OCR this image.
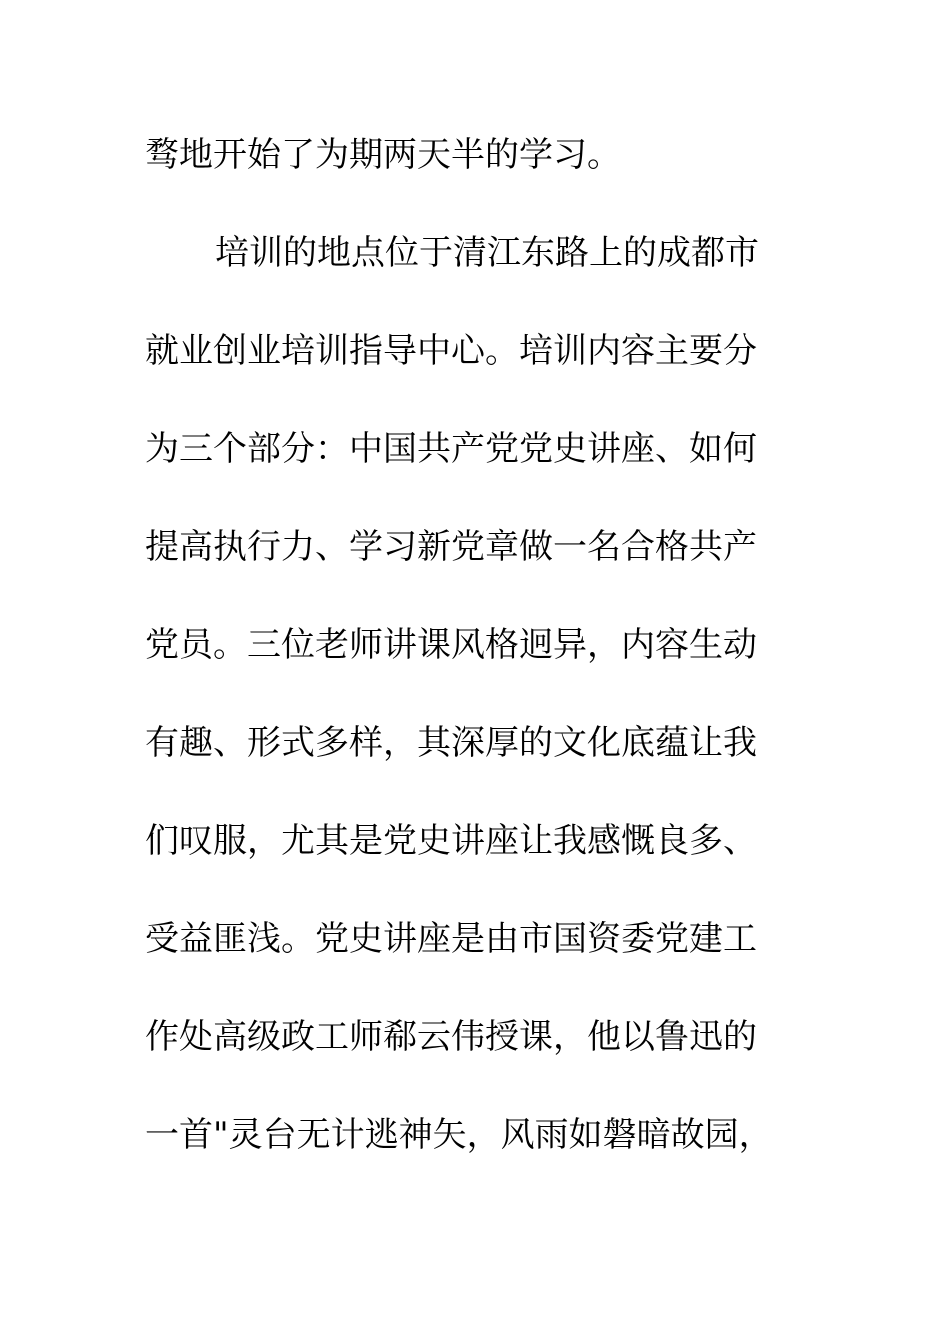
骛地开始了为期两天半的学习。
培训的地点位于清江东路上的成都市
就业创业培训指导中心。培训内容主要分
为三个部分：中国共产党党史讲座、如何
提高执行力、学习新党章做一名合格共产
党员。三位老师讲课风格迥异，内容生动
有趣、形式多样，其深厚的文化底蕴让我
们叹服，尤其是党史讲座让我感慨良多、
受益匪浅。党史讲座是由市国资委党建工
作处高级政工师郗云伟授课，他以鲁迅的
一首"灵台无计逃神矢，风雨如磐暗故园，
